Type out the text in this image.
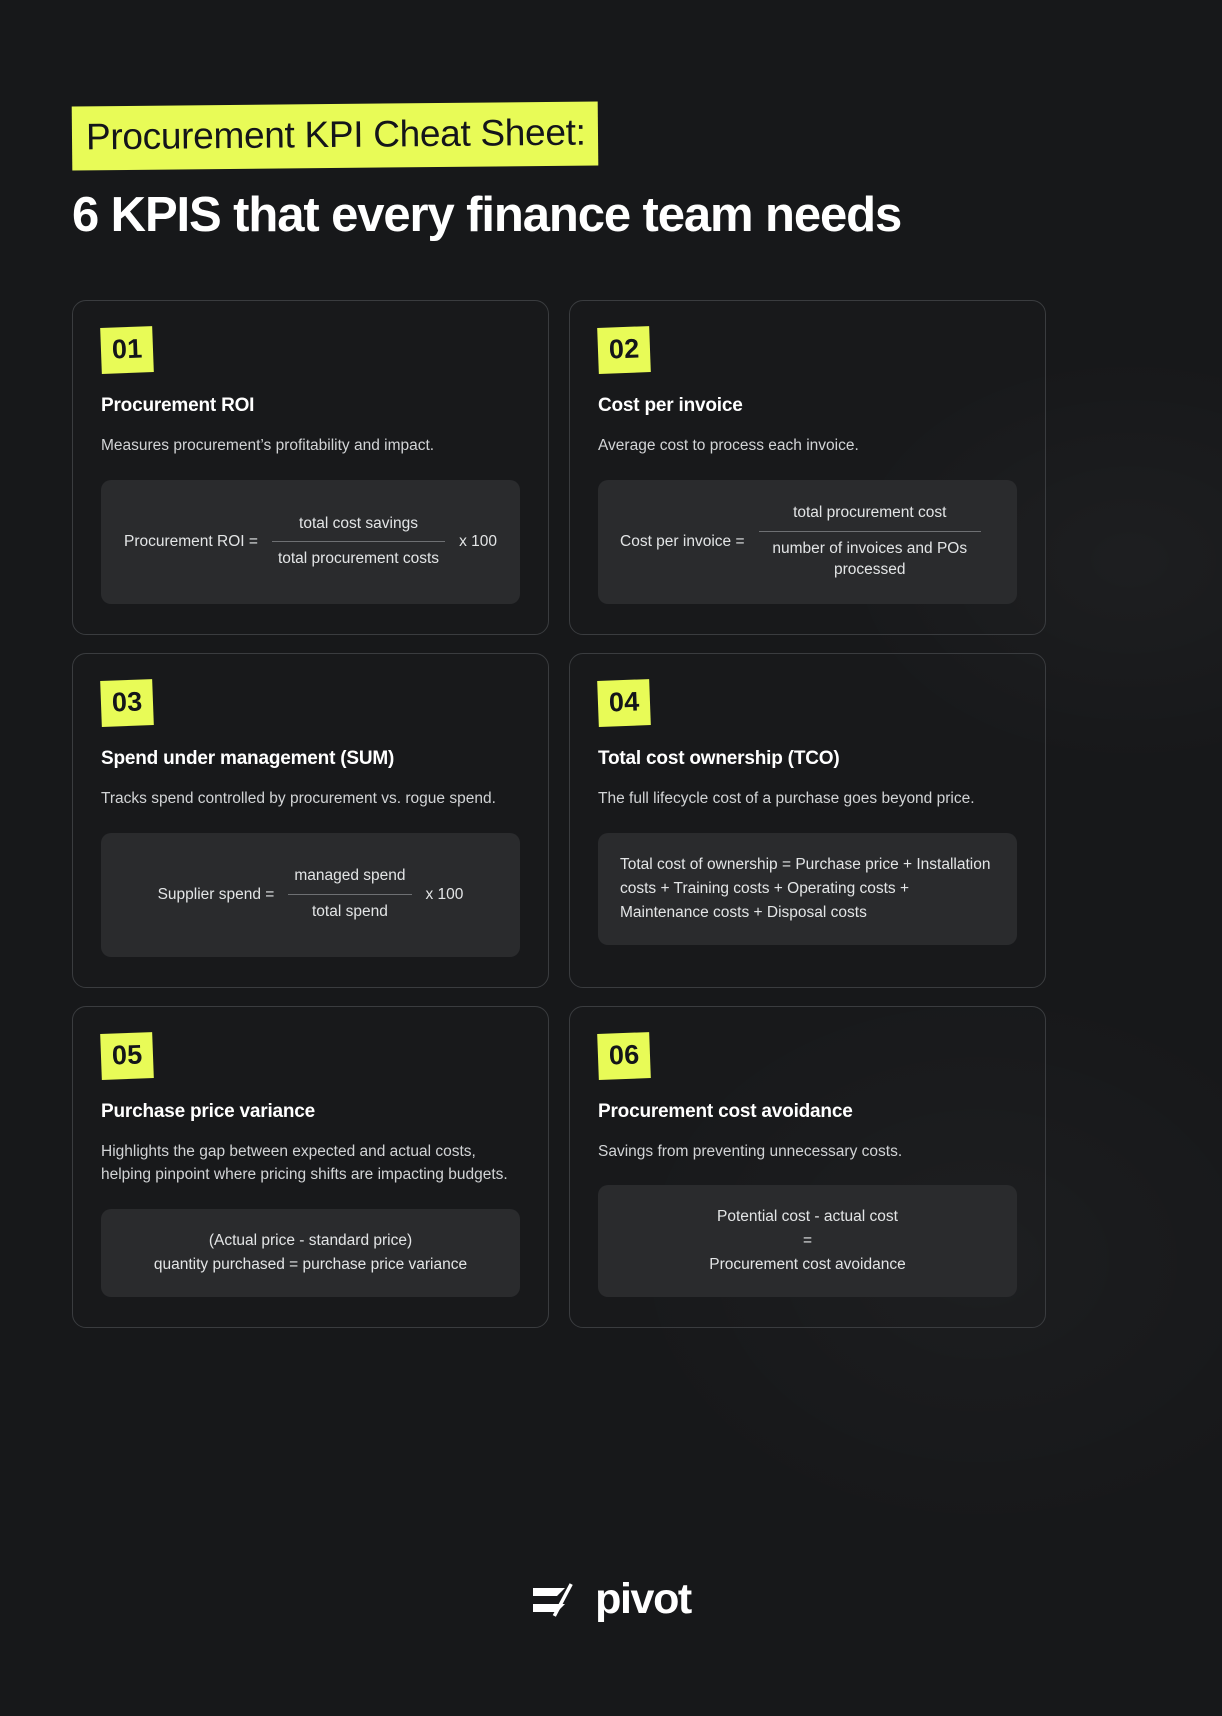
Procurement KPI Cheat Sheet:
6 KPIS that every finance team needs
01
Procurement ROI
Measures procurement’s profitability and impact.
Procurement ROI = $\frac{\text{total cost savings}}{\text{total procurement costs}}$ x 100
02
Cost per invoice
Average cost to process each invoice.
Cost per invoice = $\frac{\text{total procurement cost}}{\text{number of invoices and POs processed}}$
03
Spend under management (SUM)
Tracks spend controlled by procurement vs. rogue spend.
Supplier spend = $\frac{\text{managed spend}}{\text{total spend}}$ x 100
04
Total cost ownership (TCO)
The full lifecycle cost of a purchase goes beyond price.

Total cost of ownership = Purchase price + Installation costs + Training costs + Operating costs + Maintenance costs + Disposal costs

05
Purchase price variance
Highlights the gap between expected and actual costs, helping pinpoint where pricing shifts are impacting budgets.

(Actual price - standard price)

quantity purchased = purchase price variance

06
Procurement cost avoidance
Savings from preventing unnecessary costs.

Potential cost - actual cost

=

Procurement cost avoidance

pivot
